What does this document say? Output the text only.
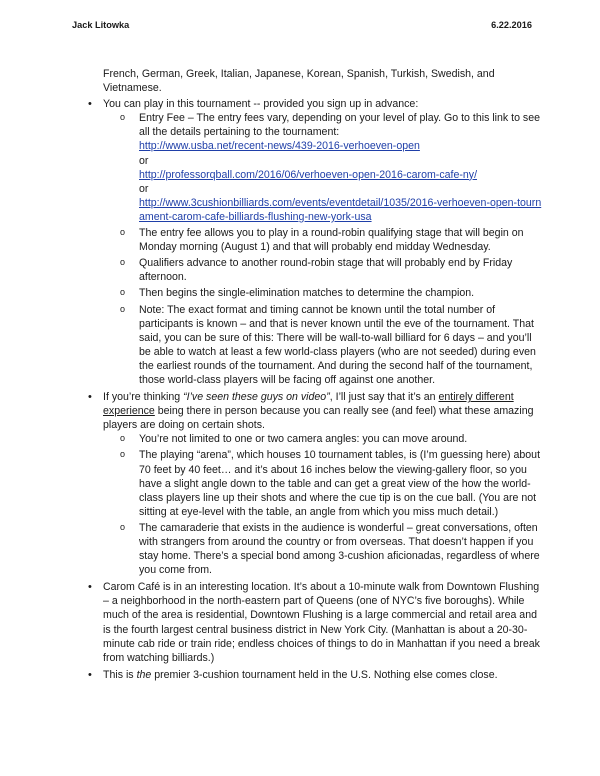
Jack Litowka	6.22.2016

French, German, Greek, Italian, Japanese, Korean, Spanish, Turkish, Swedish, and Vietnamese.

• You can play in this tournament -- provided you sign up in advance:
o Entry Fee – The entry fees vary, depending on your level of play. Go to this link to see all the details pertaining to the tournament:
http://www.usba.net/recent-news/439-2016-verhoeven-open
or
http://professorqball.com/2016/06/verhoeven-open-2016-carom-cafe-ny/
or
http://www.3cushionbilliards.com/events/eventdetail/1035/2016-verhoeven-open-tournament-carom-cafe-billiards-flushing-new-york-usa
o The entry fee allows you to play in a round-robin qualifying stage that will begin on Monday morning (August 1) and that will probably end midday Wednesday.
o Qualifiers advance to another round-robin stage that will probably end by Friday afternoon.
o Then begins the single-elimination matches to determine the champion.
o Note: The exact format and timing cannot be known until the total number of participants is known – and that is never known until the eve of the tournament. That said, you can be sure of this: There will be wall-to-wall billiard for 6 days – and you’ll be able to watch at least a few world-class players (who are not seeded) during even the earliest rounds of the tournament. And during the second half of the tournament, those world-class players will be facing off against one another.
• If you’re thinking “I’ve seen these guys on video”, I’ll just say that it’s an entirely different experience being there in person because you can really see (and feel) what these amazing players are doing on certain shots.
o You’re not limited to one or two camera angles: you can move around.
o The playing “arena”, which houses 10 tournament tables, is (I’m guessing here) about 70 feet by 40 feet… and it’s about 16 inches below the viewing-gallery floor, so you have a slight angle down to the table and can get a great view of the how the world-class players line up their shots and where the cue tip is on the cue ball. (You are not sitting at eye-level with the table, an angle from which you miss much detail.)
o The camaraderie that exists in the audience is wonderful – great conversations, often with strangers from around the country or from overseas. That doesn’t happen if you stay home. There’s a special bond among 3-cushion aficionadas, regardless of where you come from.
• Carom Café is in an interesting location. It’s about a 10-minute walk from Downtown Flushing – a neighborhood in the north-eastern part of Queens (one of NYC’s five boroughs). While much of the area is residential, Downtown Flushing is a large commercial and retail area and is the fourth largest central business district in New York City. (Manhattan is about a 20-30-minute cab ride or train ride; endless choices of things to do in Manhattan if you need a break from watching billiards.)
• This is the premier 3-cushion tournament held in the U.S. Nothing else comes close.
